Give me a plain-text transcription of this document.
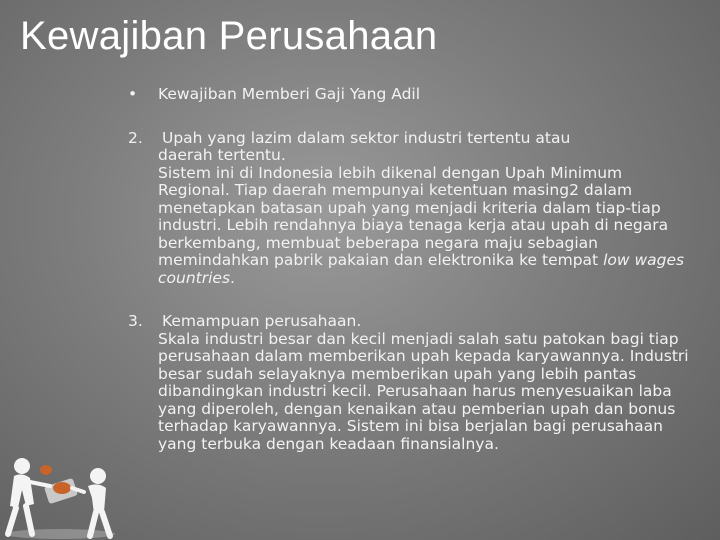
Kewajiban Perusahaan
• Kewajiban Memberi Gaji Yang Adil
2.	Upah yang lazim dalam sektor industri tertentu atau
daerah tertentu.
Sistem ini di Indonesia lebih dikenal dengan Upah Minimum Regional. Tiap daerah mempunyai ketentuan masing2 dalam menetapkan batasan upah yang menjadi kriteria dalam tiap-tiap industri. Lebih rendahnya biaya tenaga kerja atau upah di negara berkembang, membuat beberapa negara maju sebagian memindahkan pabrik pakaian dan elektronika ke tempat low wages countries.
3.	Kemampuan perusahaan.
Skala industri besar dan kecil menjadi salah satu patokan bagi tiap perusahaan dalam memberikan upah kepada karyawannya. Industri besar sudah selayaknya memberikan upah yang lebih pantas dibandingkan industri kecil. Perusahaan harus menyesuaikan laba yang diperoleh, dengan kenaikan atau pemberian upah dan bonus terhadap karyawannya. Sistem ini bisa berjalan bagi perusahaan yang terbuka dengan keadaan finansialnya.
